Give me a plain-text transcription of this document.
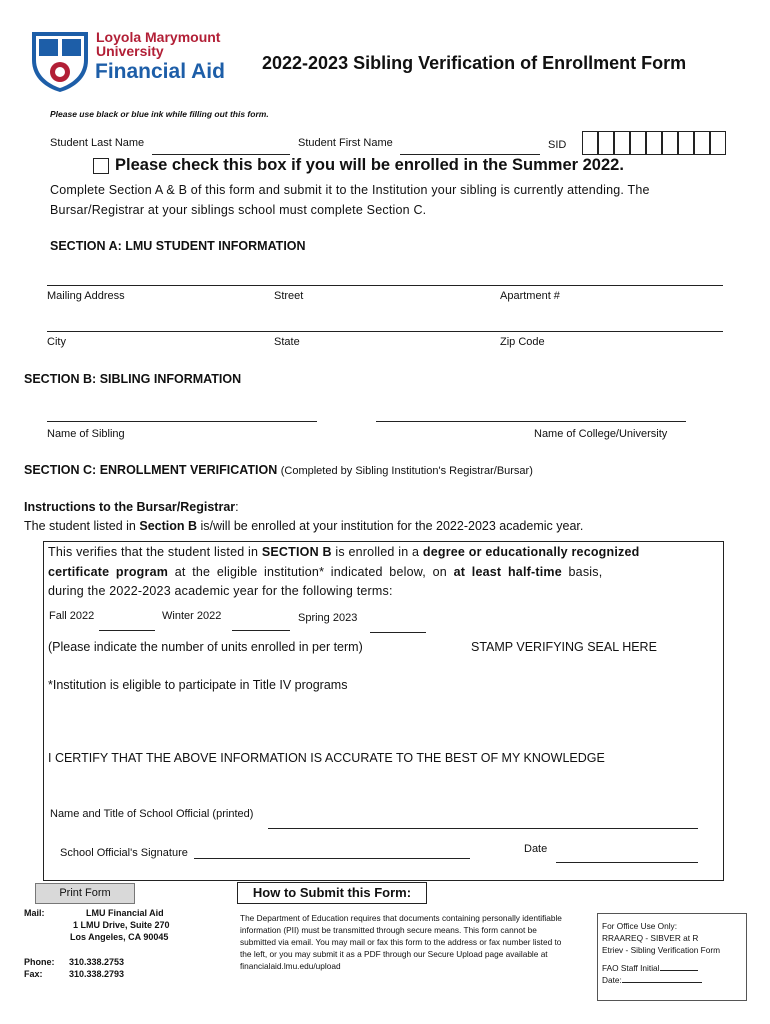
Loyola Marymount
University
Financial Aid 2022-2023 Sibling Verification of Enrollment Form
Please use black or blue ink while filling out this form.
Student Last Name	Student First Name	SID
Please check this box if you will be enrolled in the Summer 2022.
Complete Section A & B of this form and submit it to the Institution your sibling is currently attending. The
Bursar/Registrar at your siblings school must complete Section C.
SECTION A: LMU STUDENT INFORMATION
Mailing Address	Street	Apartment #
City	State	Zip Code
SECTION B: SIBLING INFORMATION
Name of Sibling	Name of College/University
SECTION C: ENROLLMENT VERIFICATION (Completed by Sibling Institution's Registrar/Bursar)
Instructions to the Bursar/Registrar:
The student listed in Section B is/will be enrolled at your institution for the 2022-2023 academic year.
This verifies that the student listed in SECTION B is enrolled in a degree or educationally recognized
certificate program at the eligible institution* indicated below, on at least half-time basis,
during the 2022-2023 academic year for the following terms:
Fall 2022	Winter 2022	Spring 2023
(Please indicate the number of units enrolled in per term)	STAMP VERIFYING SEAL HERE
*Institution is eligible to participate in Title IV programs
I CERTIFY THAT THE ABOVE INFORMATION IS ACCURATE TO THE BEST OF MY KNOWLEDGE
Name and Title of School Official (printed)
School Official's Signature	Date
Print Form	How to Submit this Form:
Mail:	LMU Financial Aid
1 LMU Drive, Suite 270
Los Angeles, CA 90045
Phone: 310.338.2753
Fax:	310.338.2793
The Department of Education requires that documents containing personally identifiable information (PII) must be transmitted through secure means. This form cannot be submitted via email. You may mail or fax this form to the address or fax number listed to the left, or you may submit it as a PDF through our Secure Upload page available at financialaid.lmu.edu/upload
For Office Use Only:
RRAAREQ - SIBVER at R
Etriev - Sibling Verification Form
FAO Staff Initial
Date:
